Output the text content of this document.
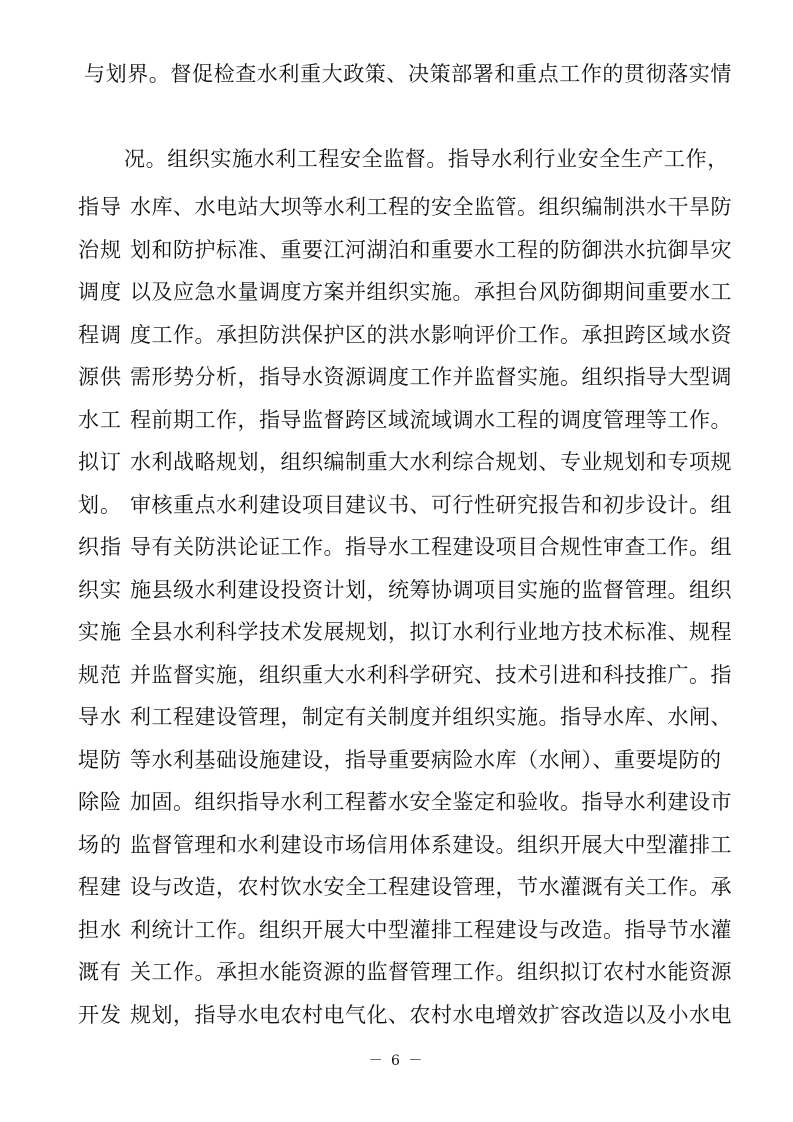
与划界。督促检查水利重大政策、决策部署和重点工作的贯彻落实情
况。组织实施水利工程安全监督。指导水利行业安全生产工作，
指导 水库、水电站大坝等水利工程的安全监管。组织编制洪水干旱防
治规 划和防护标准、重要江河湖泊和重要水工程的防御洪水抗御旱灾
调度 以及应急水量调度方案并组织实施。承担台风防御期间重要水工
程调 度工作。承担防洪保护区的洪水影响评价工作。承担跨区域水资
源供 需形势分析，指导水资源调度工作并监督实施。组织指导大型调
水工 程前期工作，指导监督跨区域流域调水工程的调度管理等工作。
拟订 水利战略规划，组织编制重大水利综合规划、专业规划和专项规
划。 审核重点水利建设项目建议书、可行性研究报告和初步设计。组
织指 导有关防洪论证工作。指导水工程建设项目合规性审查工作。组
织实 施县级水利建设投资计划，统筹协调项目实施的监督管理。组织
实施 全县水利科学技术发展规划，拟订水利行业地方技术标准、规程
规范 并监督实施，组织重大水利科学研究、技术引进和科技推广。指
导水 利工程建设管理，制定有关制度并组织实施。指导水库、水闸、
堤防 等水利基础设施建设，指导重要病险水库（水闸）、重要堤防的
除险 加固。组织指导水利工程蓄水安全鉴定和验收。指导水利建设市
场的 监督管理和水利建设市场信用体系建设。组织开展大中型灌排工
程建 设与改造，农村饮水安全工程建设管理，节水灌溉有关工作。承
担水 利统计工作。组织开展大中型灌排工程建设与改造。指导节水灌
溉有 关工作。承担水能资源的监督管理工作。组织拟订农村水能资源
开发 规划，指导水电农村电气化、农村水电增效扩容改造以及小水电
－ 6 －
